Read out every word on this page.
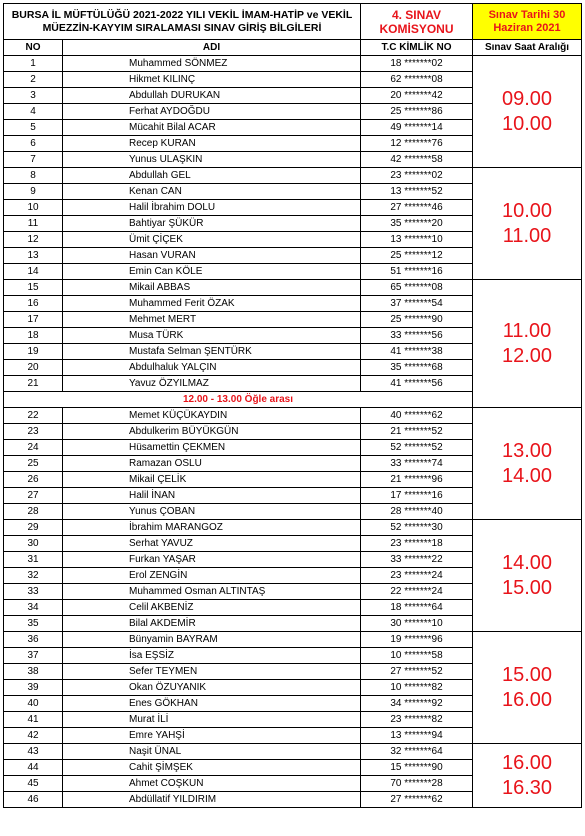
BURSA İL MÜFTÜLÜĞÜ 2021-2022 YILI VEKİL İMAM-HATİP ve VEKİL MÜEZZİN-KAYYIM SIRALAMASI SINAV GİRİŞ BİLGİLERİ		4. SINAV KOMİSYONU	Sınav Tarihi 30 Haziran 2021
NO	ADI	T.C KİMLİK NO	Sınav Saat Aralığı
1	Muhammed SÖNMEZ	18 *******02	09.00
10.00

2	Hikmet KILINÇ	62 *******08	
3	Abdullah DURUKAN	20 *******42	
4	Ferhat AYDOĞDU	25 *******86	
5	Mücahit Bilal ACAR	49 *******14	
6	Recep KURAN	12 *******76	
7	Yunus ULAŞKIN	42 *******58	
8	Abdullah GEL	23 *******02	10.00
11.00

9	Kenan CAN	13 *******52	
10	Halil İbrahim DOLU	27 *******46	
11	Bahtiyar ŞÜKÜR	35 *******20	
12	Ümit ÇİÇEK	13 *******10	
13	Hasan VURAN	25 *******12	
14	Emin Can KÖLE	51 *******16	
15	Mikail ABBAS	65 *******08	11.00
12.00

16	Muhammed Ferit ÖZAK	37 *******54	
17	Mehmet MERT	25 *******90	
18	Musa TÜRK	33 *******56	
19	Mustafa Selman ŞENTÜRK	41 *******38	
20	Abdulhaluk YALÇIN	35 *******68	
21	Yavuz ÖZYILMAZ	41 *******56	
12.00 - 13.00 Öğle arası			
22	Memet KÜÇÜKAYDIN	40 *******62	13.00
14.00

23	Abdulkerim BÜYÜKGÜN	21 *******52	
24	Hüsamettin ÇEKMEN	52 *******52	
25	Ramazan OSLU	33 *******74	
26	Mikail ÇELİK	21 *******96	
27	Halil İNAN	17 *******16	
28	Yunus ÇOBAN	28 *******40	
29	İbrahim MARANGOZ	52 *******30	14.00
15.00

30	Serhat YAVUZ	23 *******18	
31	Furkan YAŞAR	33 *******22	
32	Erol ZENGİN	23 *******24	
33	Muhammed Osman ALTINTAŞ	22 *******24	
34	Celil AKBENİZ	18 *******64	
35	Bilal AKDEMİR	30 *******10	
36	Bünyamin BAYRAM	19 *******96	15.00
16.00

37	İsa EŞSİZ	10 *******58	
38	Sefer TEYMEN	27 *******52	
39	Okan ÖZUYANIK	10 *******82	
40	Enes GÖKHAN	34 *******92	
41	Murat İLİ	23 *******82	
42	Emre YAHŞİ	13 *******94	
43	Naşit ÜNAL	32 *******64	16.00
16.30

44	Cahit ŞİMŞEK	15 *******90	
45	Ahmet COŞKUN	70 *******28	
46	Abdüllatif YILDIRIM	27 *******62	
